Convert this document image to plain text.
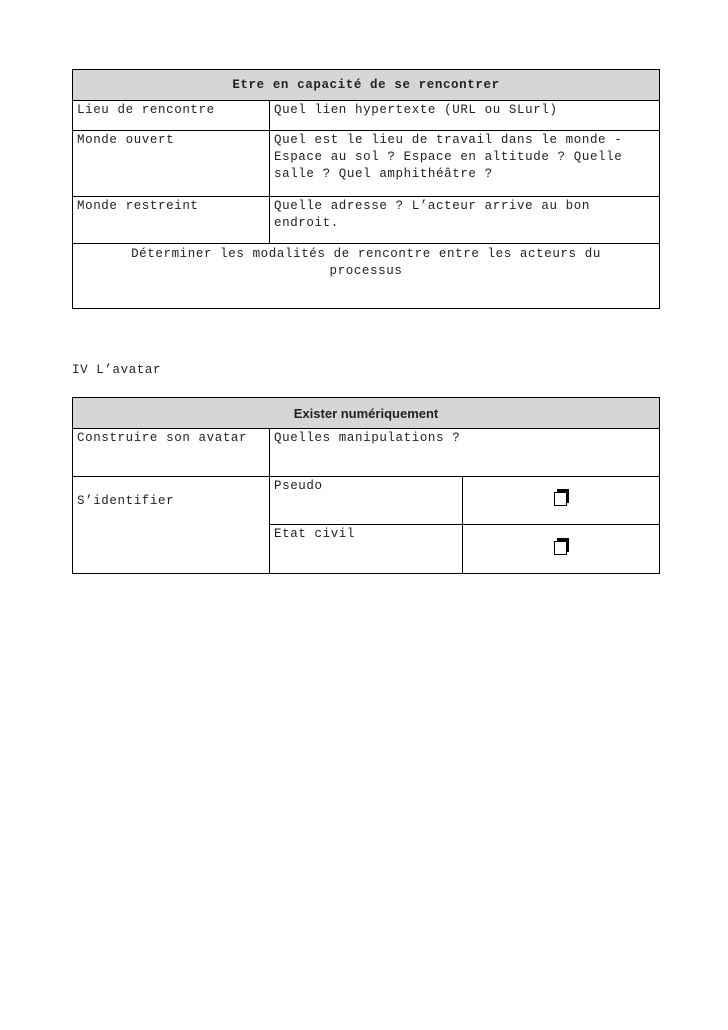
Etre en capacité de se rencontrer	
Lieu de rencontre	Quel lien hypertexte (URL ou SLurl)
Monde ouvert	Quel est le lieu de travail dans le monde - Espace au sol ? Espace en altitude ? Quelle salle ? Quel amphithéâtre ?
Monde restreint	Quelle adresse ? L’acteur arrive au bon endroit.
Déterminer les modalités de rencontre entre les acteurs du processus	
IV L’avatar
Exister numériquement		
Construire son avatar	Quelles manipulations ?	
S’identifier	Pseudo	

	Etat civil	
